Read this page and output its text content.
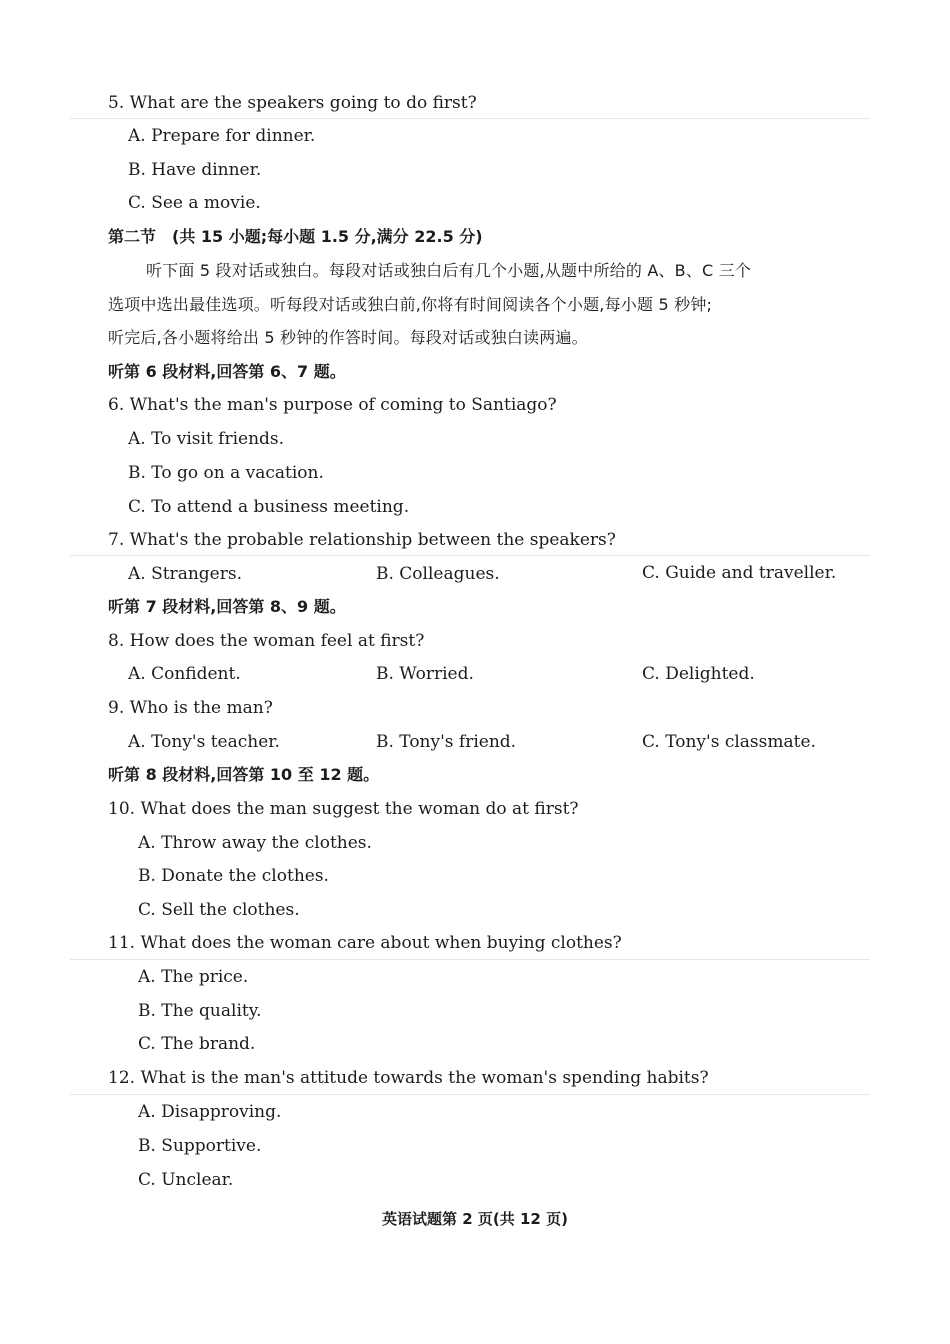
5. What are the speakers going to do first?
A. Prepare for dinner.
B. Have dinner.
C. See a movie.
第二节　(共 15 小题;每小题 1.5 分,满分 22.5 分)
听下面 5 段对话或独白。每段对话或独白后有几个小题,从题中所给的 A、B、C 三个
选项中选出最佳选项。听每段对话或独白前,你将有时间阅读各个小题,每小题 5 秒钟;
听完后,各小题将给出 5 秒钟的作答时间。每段对话或独白读两遍。
听第 6 段材料,回答第 6、7 题。
6. What's the man's purpose of coming to Santiago?
A. To visit friends.
B. To go on a vacation.
C. To attend a business meeting.
7. What's the probable relationship between the speakers?
A. Strangers.	B. Colleagues.	C. Guide and traveller.
听第 7 段材料,回答第 8、9 题。
8. How does the woman feel at first?
A. Confident.	B. Worried.	C. Delighted.
9. Who is the man?
A. Tony's teacher.	B. Tony's friend.	C. Tony's classmate.
听第 8 段材料,回答第 10 至 12 题。
10. What does the man suggest the woman do at first?
A. Throw away the clothes.
B. Donate the clothes.
C. Sell the clothes.
11. What does the woman care about when buying clothes?
A. The price.
B. The quality.
C. The brand.
12. What is the man's attitude towards the woman's spending habits?
A. Disapproving.
B. Supportive.
C. Unclear.
英语试题第 2 页(共 12 页)
